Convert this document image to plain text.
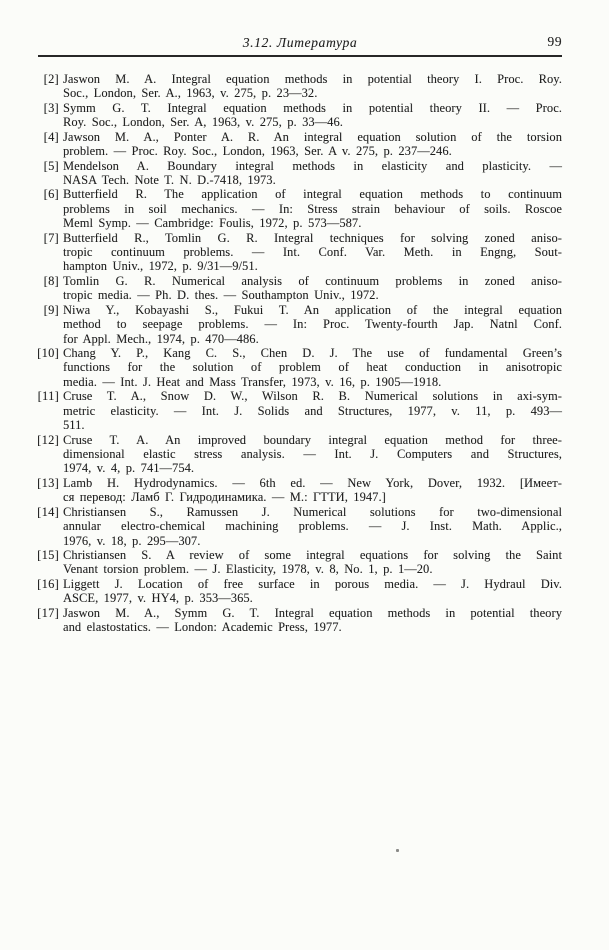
3.12. Литература	99
[2] Jaswon M. A. Integral equation methods in potential theory I. Proc. Roy.
Soc., London, Ser. A., 1963, v. 275, p. 23—32.
[3] Symm G. T. Integral equation methods in potential theory II. — Proc.
Roy. Soc., London, Ser. A, 1963, v. 275, p. 33—46.
[4] Jawson M. A., Ponter A. R. An integral equation solution of the torsion
problem. — Proc. Roy. Soc., London, 1963, Ser. A v. 275, p. 237—246.
[5] Mendelson A. Boundary integral methods in elasticity and plasticity. —
NASA Tech. Note T. N. D.-7418, 1973.
[6] Butterfield R. The application of integral equation methods to continuum
problems in soil mechanics. — In: Stress strain behaviour of soils. Roscoe
Meml Symp. — Cambridge: Foulis, 1972, p. 573—587.
[7] Butterfield R., Tomlin G. R. Integral techniques for solving zoned aniso-
tropic continuum problems. — Int. Conf. Var. Meth. in Engng, Sout-
hampton Univ., 1972, p. 9/31—9/51.
[8] Tomlin G. R. Numerical analysis of continuum problems in zoned aniso-
tropic media. — Ph. D. thes. — Southampton Univ., 1972.
[9] Niwa Y., Kobayashi S., Fukui T. An application of the integral equation
method to seepage problems. — In: Proc. Twenty-fourth Jap. Natnl Conf.
for Appl. Mech., 1974, p. 470—486.
[10] Chang Y. P., Kang C. S., Chen D. J. The use of fundamental Green’s
functions for the solution of problem of heat conduction in anisotropic
media. — Int. J. Heat and Mass Transfer, 1973, v. 16, p. 1905—1918.
[11] Cruse T. A., Snow D. W., Wilson R. B. Numerical solutions in axi-sym-
metric elasticity. — Int. J. Solids and Structures, 1977, v. 11, p. 493—
511.
[12] Cruse T. A. An improved boundary integral equation method for three-
dimensional elastic stress analysis. — Int. J. Computers and Structures,
1974, v. 4, p. 741—754.
[13] Lamb H. Hydrodynamics. — 6th ed. — New York, Dover, 1932. [Имеет-
ся перевод: Ламб Г. Гидродинамика. — М.: ГТТИ, 1947.]
[14] Christiansen S., Ramussen J. Numerical solutions for two-dimensional
annular electro-chemical machining problems. — J. Inst. Math. Applic.,
1976, v. 18, p. 295—307.
[15] Christiansen S. A review of some integral equations for solving the Saint
Venant torsion problem. — J. Elasticity, 1978, v. 8, No. 1, p. 1—20.
[16] Liggett J. Location of free surface in porous media. — J. Hydraul Div.
ASCE, 1977, v. HY4, p. 353—365.
[17] Jaswon M. A., Symm G. T. Integral equation methods in potential theory
and elastostatics. — London: Academic Press, 1977.
